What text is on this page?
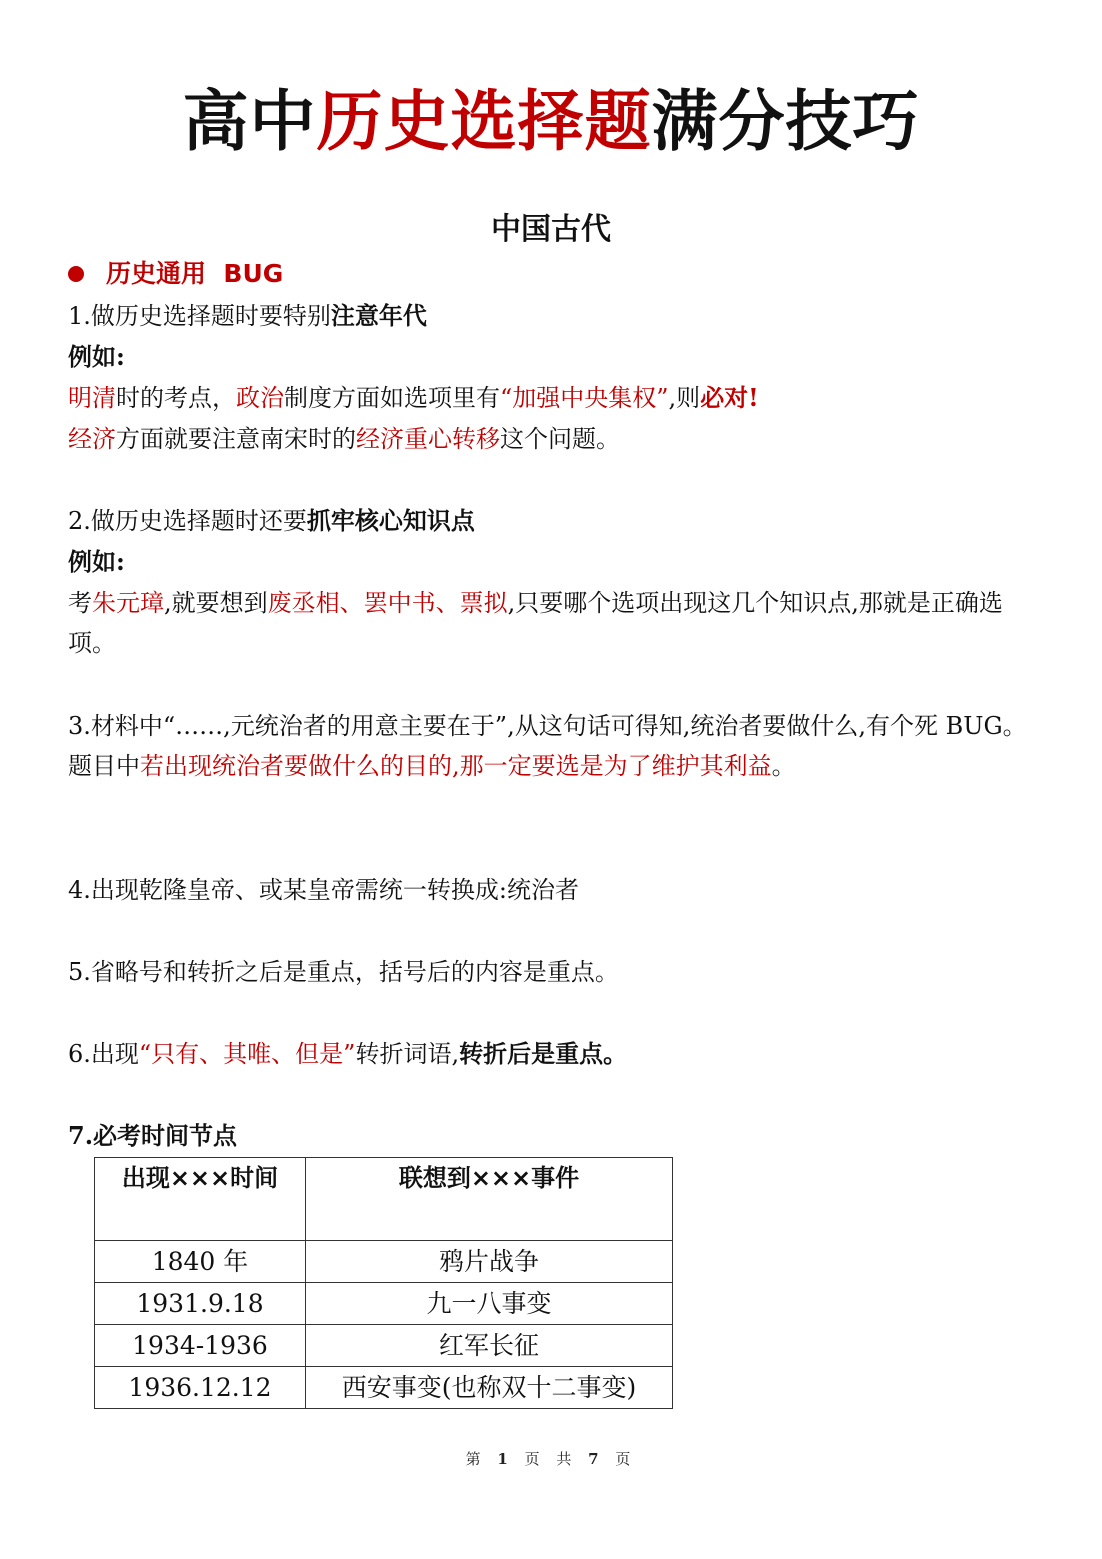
高中历史选择题满分技巧
中国古代
历史通用  BUG
1.做历史选择题时要特别注意年代
例如:
明清时的考点，政治制度方面如选项里有“加强中央集权”,则必对!
经济方面就要注意南宋时的经济重心转移这个问题。
2.做历史选择题时还要抓牢核心知识点
例如:
考朱元璋,就要想到废丞相、罢中书、票拟,只要哪个选项出现这几个知识点,那就是正确选项。
3.材料中“……,元统治者的用意主要在于”,从这句话可得知,统治者要做什么,有个死 BUG。题目中若出现统治者要做什么的目的,那一定要选是为了维护其利益。
4.出现乾隆皇帝、或某皇帝需统一转换成:统治者
5.省略号和转折之后是重点，括号后的内容是重点。
6.出现“只有、其唯、但是”转折词语,转折后是重点。
7.必考时间节点
出现×××时间	联想到×××事件
1840 年	鸦片战争
1931.9.18	九一八事变
1934-1936	红军长征
1936.12.12	西安事变(也称双十二事变)
第 1 页 共 7 页
